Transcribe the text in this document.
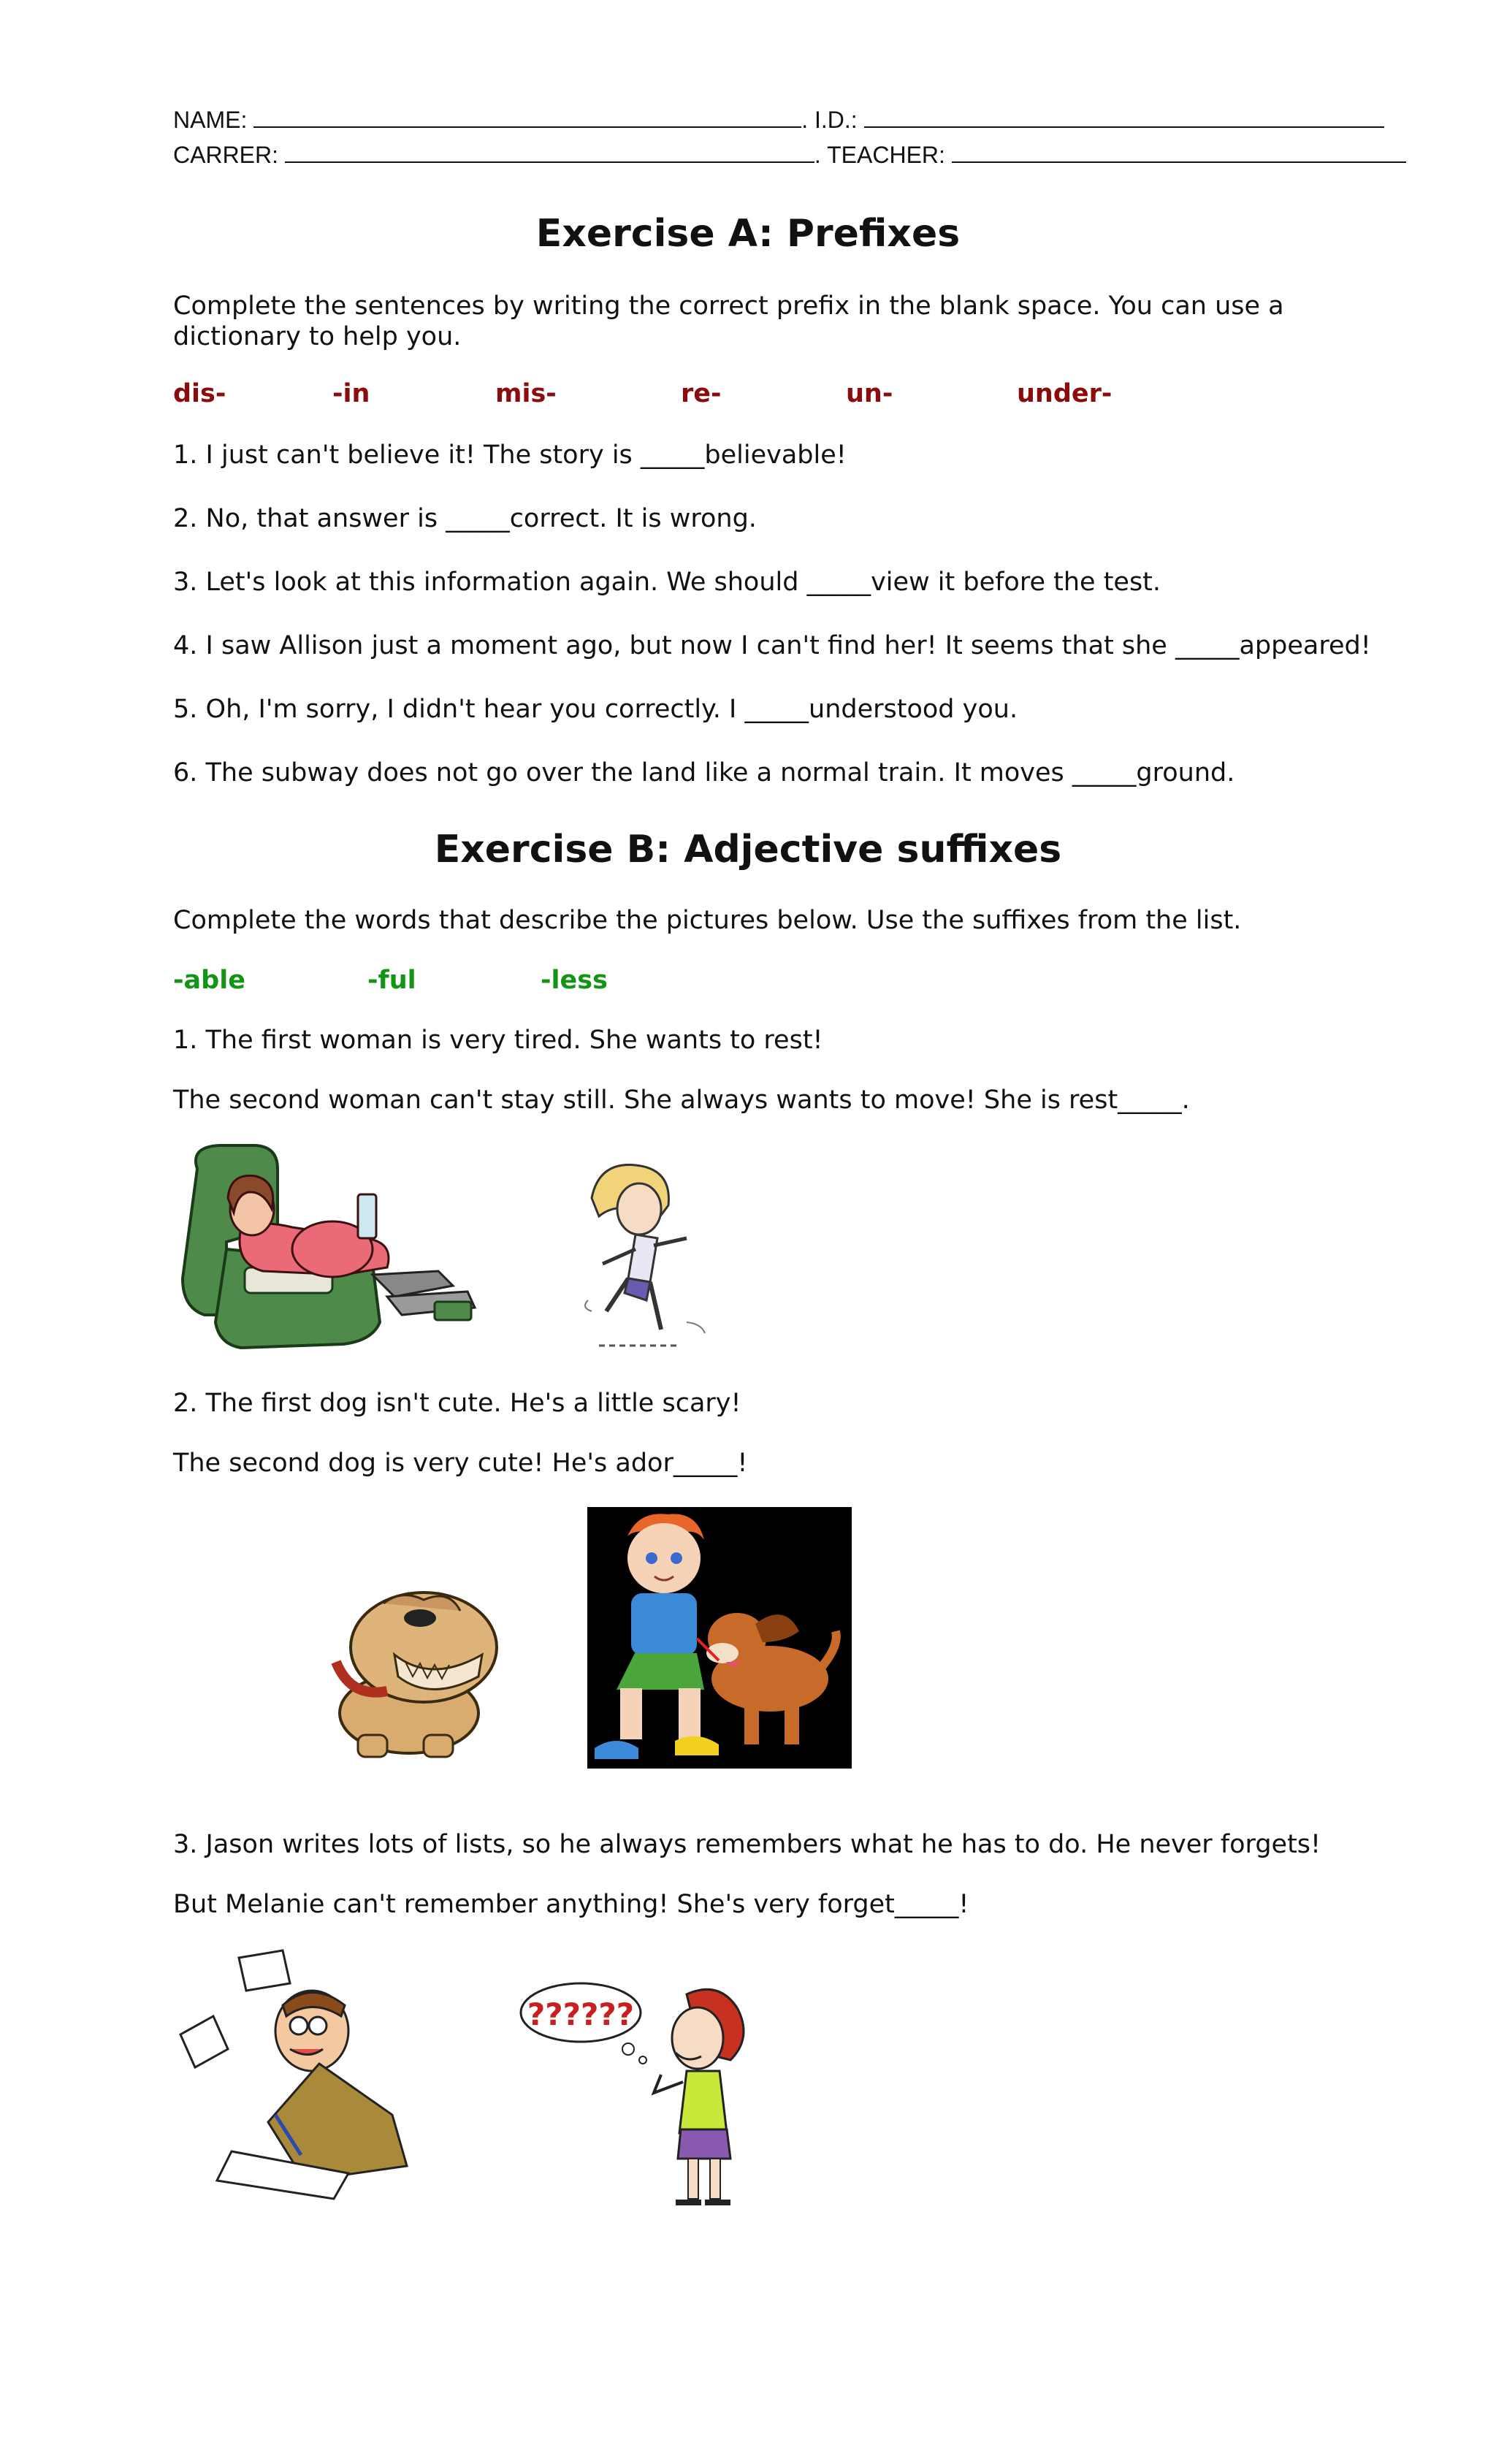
NAME:	. I.D.:
CARRER:	. TEACHER:
Exercise A: Prefixes
Complete the sentences by writing the correct prefix in the blank space. You can use a dictionary to help you.
dis-	-in	mis-	re-	un-	under-
1. I just can't believe it! The story is _____believable!
2. No, that answer is _____correct. It is wrong.
3. Let's look at this information again. We should _____view it before the test.
4. I saw Allison just a moment ago, but now I can't find her! It seems that she _____appeared!
5. Oh, I'm sorry, I didn't hear you correctly. I _____understood you.
6. The subway does not go over the land like a normal train. It moves _____ground.
Exercise B: Adjective suffixes
Complete the words that describe the pictures below. Use the suffixes from the list.
-able	-ful	-less
1. The first woman is very tired. She wants to rest!
The second woman can't stay still. She always wants to move! She is rest_____.
2. The first dog isn't cute. He's a little scary!
The second dog is very cute! He's ador_____!
3. Jason writes lots of lists, so he always remembers what he has to do. He never forgets!
But Melanie can't remember anything! She's very forget_____!
??????
